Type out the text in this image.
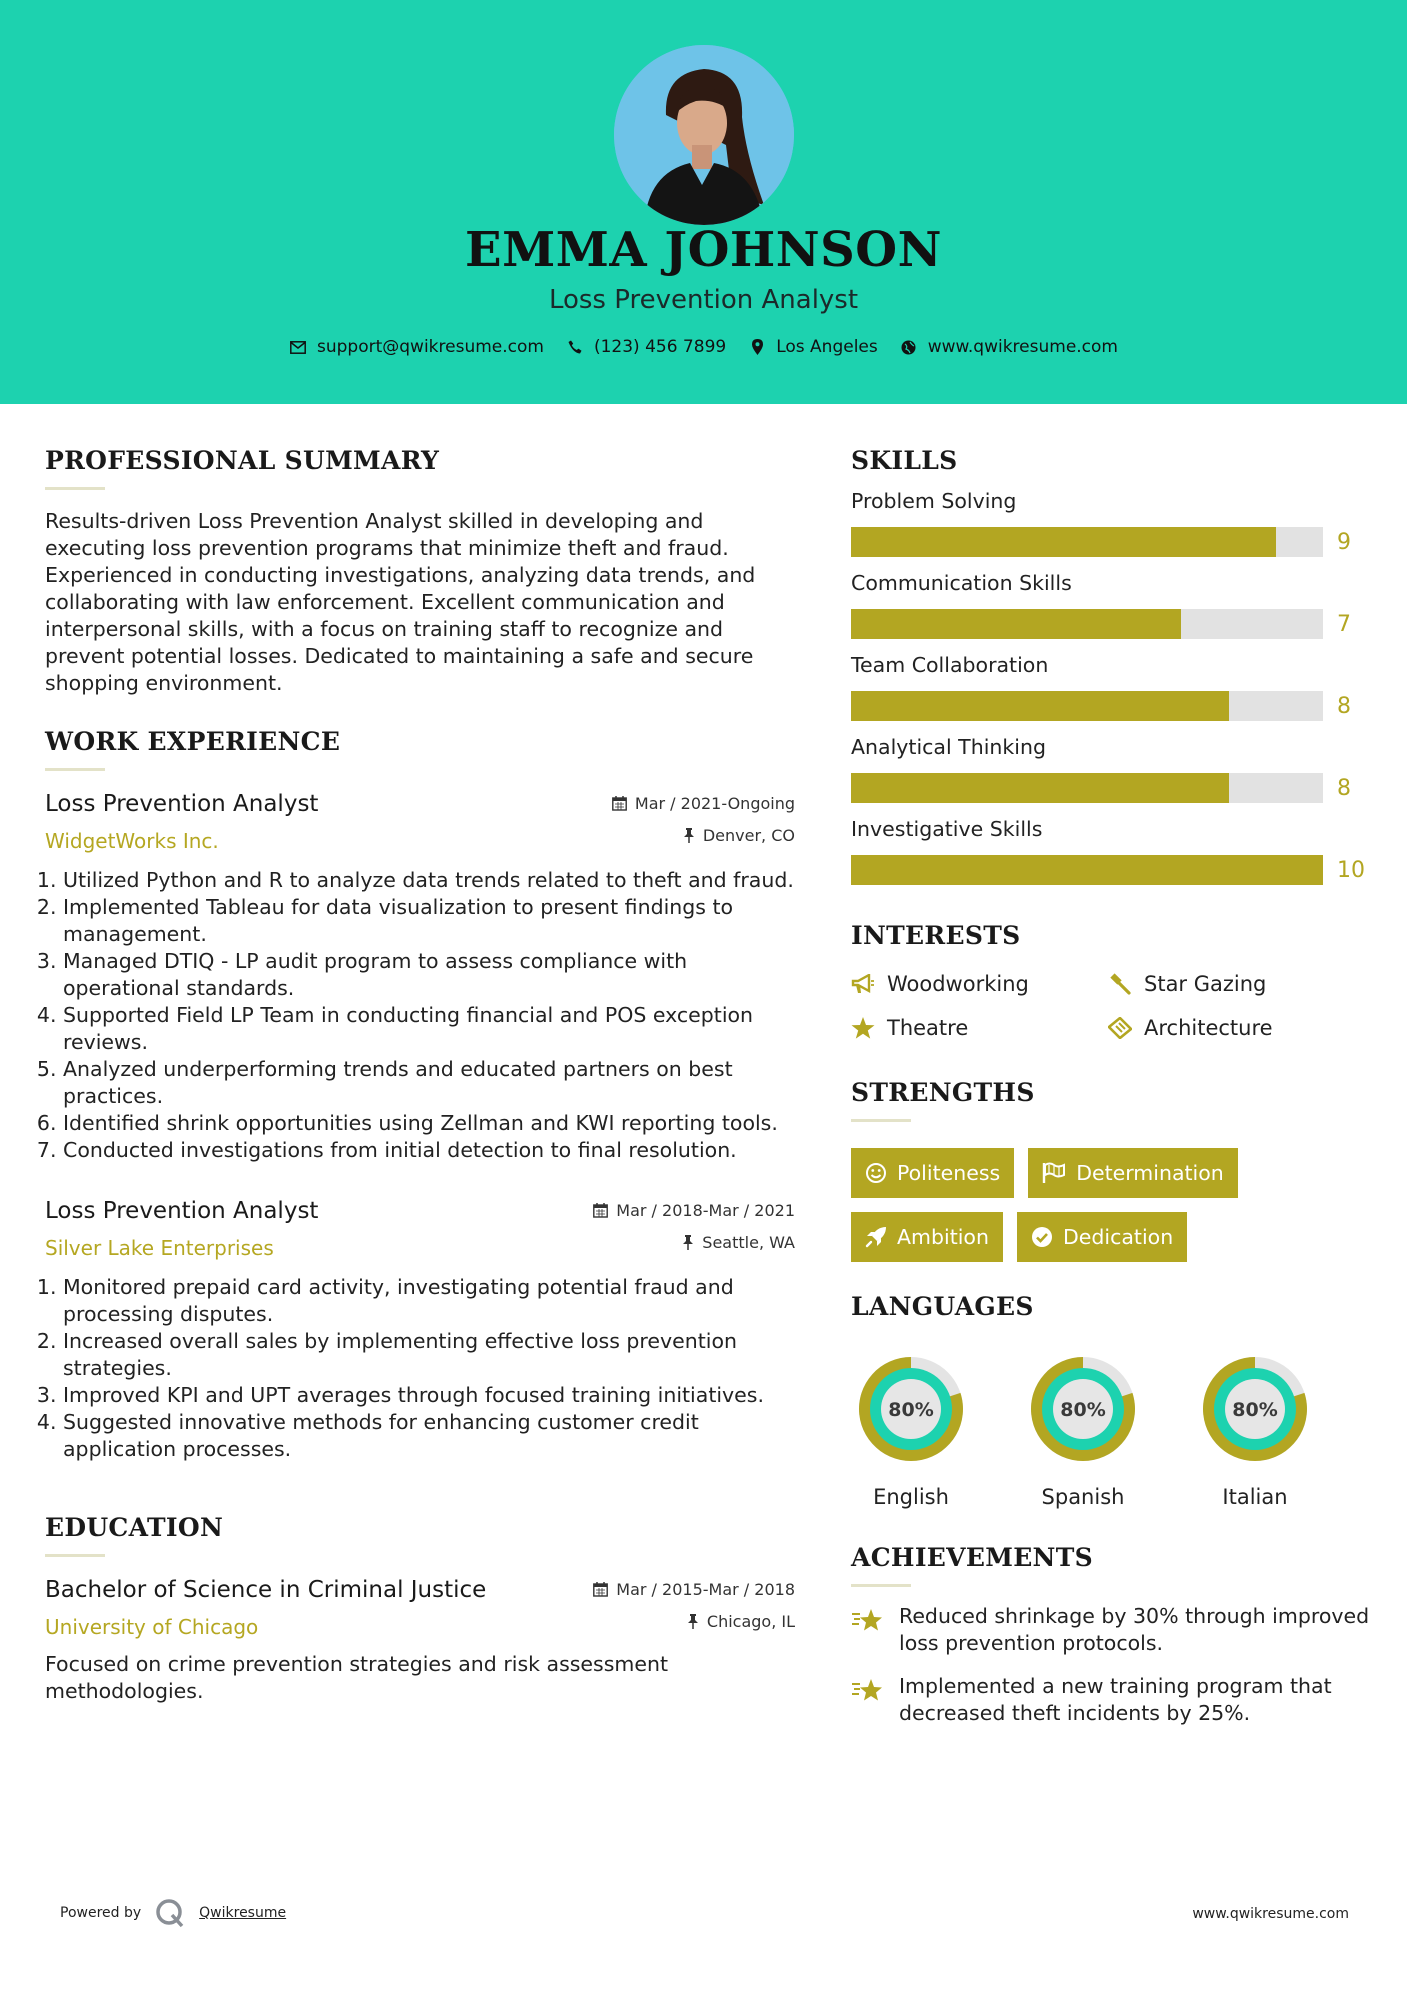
EMMA JOHNSON
Loss Prevention Analyst
support@qwikresume.com	(123) 456 7899	Los Angeles	www.qwikresume.com
PROFESSIONAL SUMMARY
Results-driven Loss Prevention Analyst skilled in developing and executing loss prevention programs that minimize theft and fraud. Experienced in conducting investigations, analyzing data trends, and collaborating with law enforcement. Excellent communication and interpersonal skills, with a focus on training staff to recognize and prevent potential losses. Dedicated to maintaining a safe and secure shopping environment.
WORK EXPERIENCE
Loss Prevention Analyst
WidgetWorks Inc.
Mar / 2021-Ongoing
Denver, CO
1. Utilized Python and R to analyze data trends related to theft and fraud.
2. Implemented Tableau for data visualization to present findings to management.
3. Managed DTIQ - LP audit program to assess compliance with operational standards.
4. Supported Field LP Team in conducting financial and POS exception reviews.
5. Analyzed underperforming trends and educated partners on best practices.
6. Identified shrink opportunities using Zellman and KWI reporting tools.
7. Conducted investigations from initial detection to final resolution.
Loss Prevention Analyst
Silver Lake Enterprises
Mar / 2018-Mar / 2021
Seattle, WA
1. Monitored prepaid card activity, investigating potential fraud and processing disputes.
2. Increased overall sales by implementing effective loss prevention strategies.
3. Improved KPI and UPT averages through focused training initiatives.
4. Suggested innovative methods for enhancing customer credit application processes.
EDUCATION
Bachelor of Science in Criminal Justice
University of Chicago
Mar / 2015-Mar / 2018
Chicago, IL
Focused on crime prevention strategies and risk assessment methodologies.
SKILLS
Problem Solving
9
Communication Skills
7
Team Collaboration
8
Analytical Thinking
8
Investigative Skills
10
INTERESTS
Woodworking	Star Gazing
Theatre	Architecture
STRENGTHS
Politeness	Determination
Ambition	Dedication
LANGUAGES
80%
English
80%
Spanish
80%
Italian
ACHIEVEMENTS
Reduced shrinkage by 30% through improved loss prevention protocols.
Implemented a new training program that decreased theft incidents by 25%.
Powered by	Qwikresume	www.qwikresume.com
